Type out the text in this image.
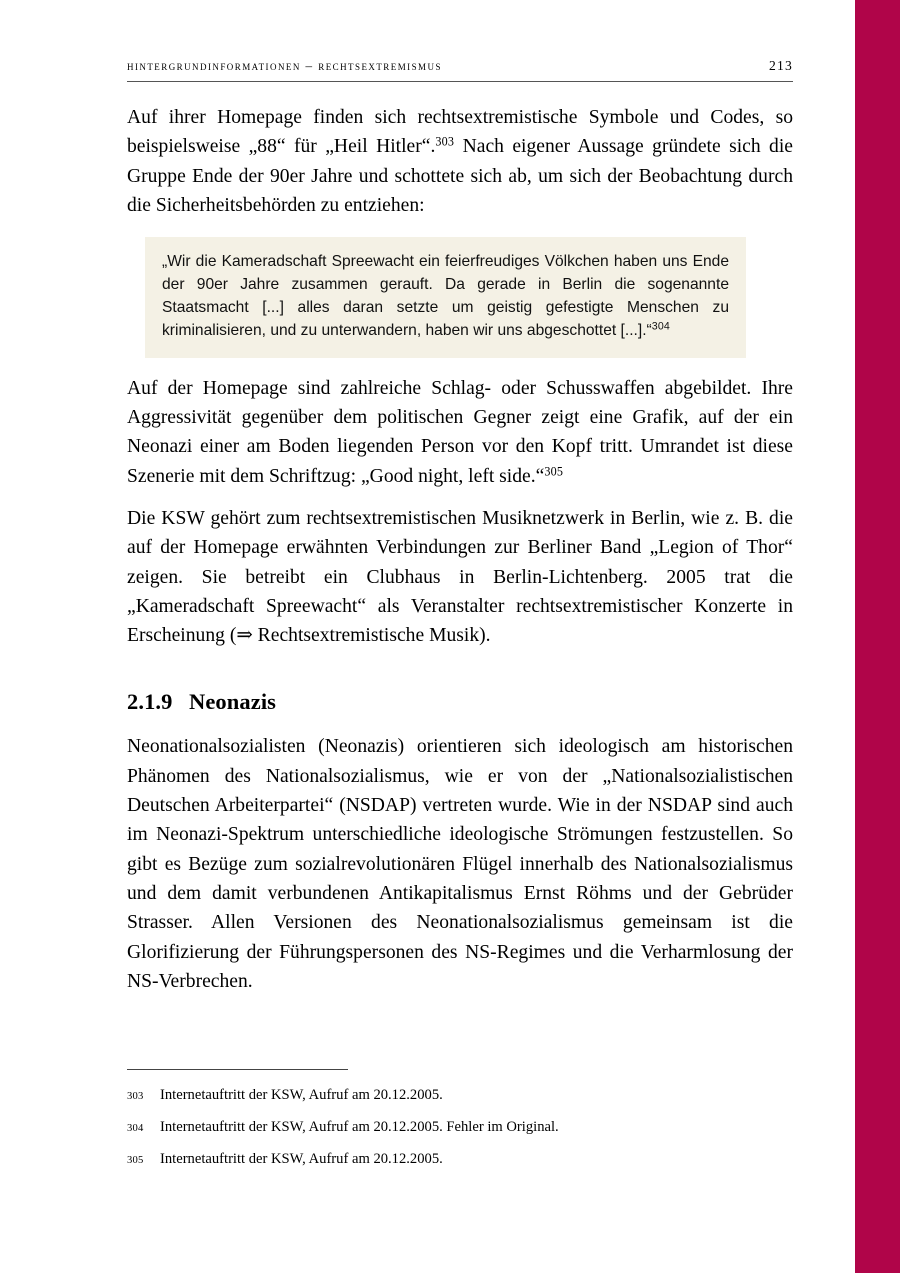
hintergrundinformationen – rechtsextremismus	213

Auf ihrer Homepage finden sich rechtsextremistische Symbole und Codes, so beispielsweise „88“ für „Heil Hitler“.$^{303}$ Nach eigener Aussage gründete sich die Gruppe Ende der 90er Jahre und schottete sich ab, um sich der Beobachtung durch die Sicherheitsbehörden zu entziehen:

„Wir die Kameradschaft Spreewacht ein feierfreudiges Völkchen haben uns Ende der 90er Jahre zusammen gerauft. Da gerade in Berlin die sogenannte Staatsmacht [...] alles daran setzte um geistig gefestigte Menschen zu kriminalisieren, und zu unterwandern, haben wir uns abgeschottet [...].“$^{304}$

Auf der Homepage sind zahlreiche Schlag- oder Schusswaffen abgebildet. Ihre Aggressivität gegenüber dem politischen Gegner zeigt eine Grafik, auf der ein Neonazi einer am Boden liegenden Person vor den Kopf tritt. Umrandet ist diese Szenerie mit dem Schriftzug: „Good night, left side.“$^{305}$

Die KSW gehört zum rechtsextremistischen Musiknetzwerk in Berlin, wie z. B. die auf der Homepage erwähnten Verbindungen zur Berliner Band „Legion of Thor“ zeigen. Sie betreibt ein Clubhaus in Berlin-Lichtenberg. 2005 trat die „Kameradschaft Spreewacht“ als Veranstalter rechtsextremistischer Konzerte in Erscheinung (⇒ Rechtsextremistische Musik).

2.1.9 Neonazis

Neonationalsozialisten (Neonazis) orientieren sich ideologisch am historischen Phänomen des Nationalsozialismus, wie er von der „Nationalsozialistischen Deutschen Arbeiterpartei“ (NSDAP) vertreten wurde. Wie in der NSDAP sind auch im Neonazi-Spektrum unterschiedliche ideologische Strömungen festzustellen. So gibt es Bezüge zum sozialrevolutionären Flügel innerhalb des Nationalsozialismus und dem damit verbundenen Antikapitalismus Ernst Röhms und der Gebrüder Strasser. Allen Versionen des Neonationalsozialismus gemeinsam ist die Glorifizierung der Führungspersonen des NS-Regimes und die Verharmlosung der NS-Verbrechen.

303	Internetauftritt der KSW, Aufruf am 20.12.2005.
304	Internetauftritt der KSW, Aufruf am 20.12.2005. Fehler im Original.
305	Internetauftritt der KSW, Aufruf am 20.12.2005.
